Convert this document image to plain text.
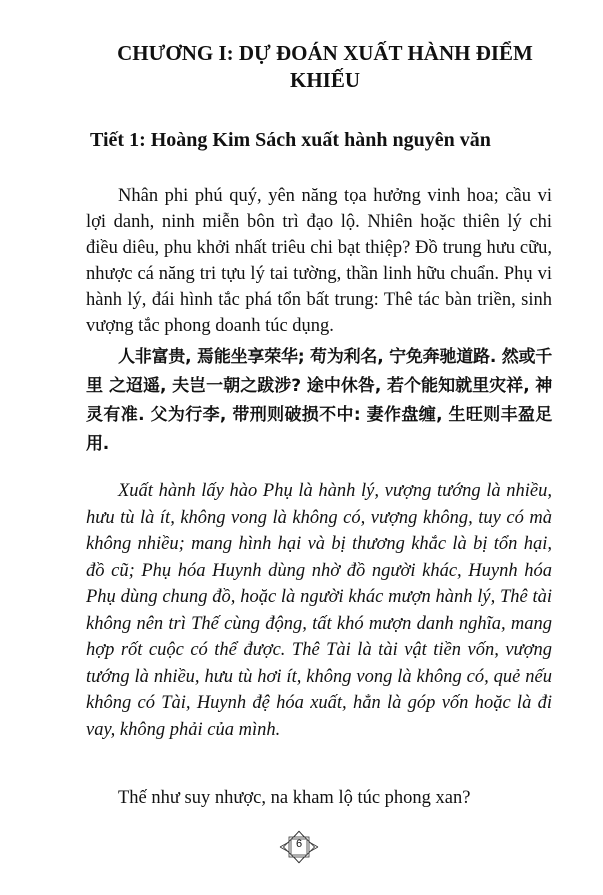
CHƯƠNG I: DỰ ĐOÁN XUẤT HÀNH ĐIỂM
KHIẾU
Tiết 1: Hoàng Kim Sách xuất hành nguyên văn

Nhân phi phú quý, yên năng tọa hưởng vinh hoa; cầu vi lợi danh, ninh miễn bôn trì đạo lộ. Nhiên hoặc thiên lý chi điều diêu, phu khởi nhất triêu chi bạt thiệp? Đồ trung hưu cữu, nhược cá năng tri tựu lý tai tường, thần linh hữu chuẩn. Phụ vi hành lý, đái hình tắc phá tổn bất trung: Thê tác bàn triền, sinh vượng tắc phong doanh túc dụng.

人非富贵, 焉能坐享荣华; 苟为利名, 宁免奔驰道路. 然或千里 之迢遥, 夫岂一朝之跋涉? 途中休咎, 若个能知就里灾祥, 神灵有准. 父为行李, 带刑则破损不中: 妻作盘缠, 生旺则丰盈足用.

Xuất hành lấy hào Phụ là hành lý, vượng tướng là nhiều, hưu tù là ít, không vong là không có, vượng không, tuy có mà không nhiều; mang hình hại và bị thương khắc là bị tổn hại, đồ cũ; Phụ hóa Huynh dùng nhờ đồ người khác, Huynh hóa Phụ dùng chung đồ, hoặc là người khác mượn hành lý, Thê tài không nên trì Thế cùng động, tất khó mượn danh nghĩa, mang hợp rốt cuộc có thể được. Thê Tài là tài vật tiền vốn, vượng tướng là nhiều, hưu tù hơi ít, không vong là không có, quẻ nếu không có Tài, Huynh đệ hóa xuất, hẳn là góp vốn hoặc là đi vay, không phải của mình.

Thế như suy nhược, na kham lộ túc phong xan?

6
